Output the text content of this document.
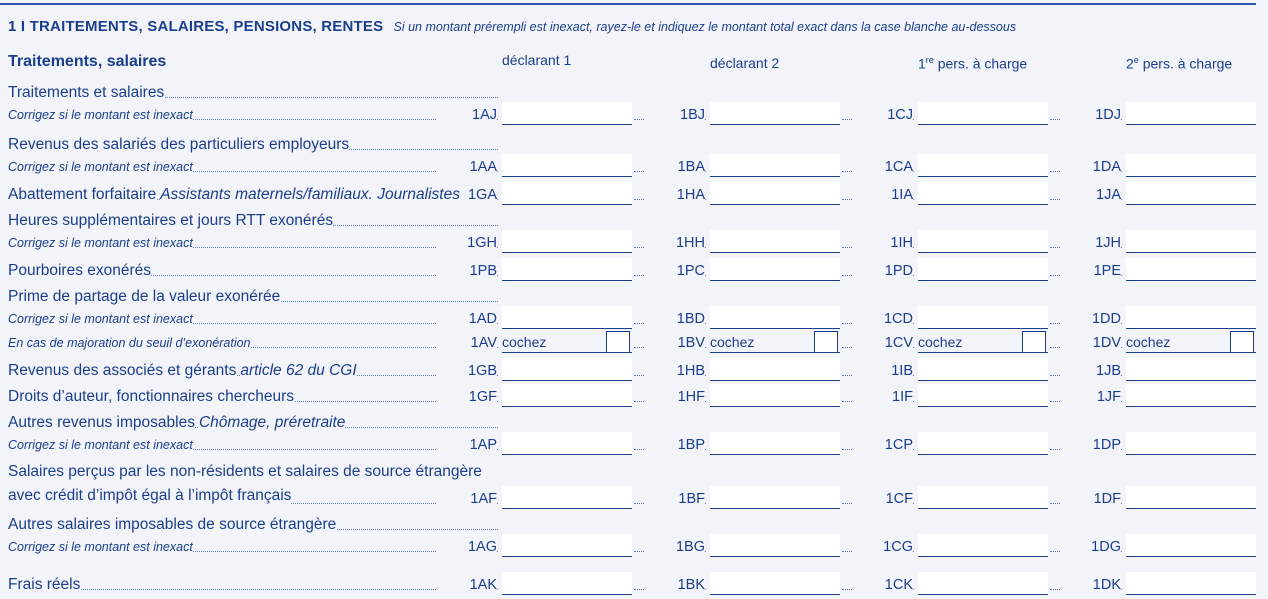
1 I TRAITEMENTS, SALAIRES, PENSIONS, RENTES Si un montant prérempli est inexact, rayez-le et indiquez le montant total exact dans la case blanche au-dessous
Traitements, salaires	déclarant 1	déclarant 2	1re pers. à charge	2e pers. à charge
Traitements et salaires
Corrigez si le montant est inexact	1AJ	1BJ	1CJ	1DJ
Revenus des salariés des particuliers employeurs
Corrigez si le montant est inexact	1AA	1BA	1CA	1DA
Abattement forfaitaire Assistants maternels/familiaux. Journalistes 1GA	1HA	1IA	1JA
Heures supplémentaires et jours RTT exonérés
Corrigez si le montant est inexact	1GH	1HH	1IH	1JH
Pourboires exonérés	1PB	1PC	1PD	1PE
Prime de partage de la valeur exonérée
Corrigez si le montant est inexact	1AD	1BD	1CD	1DD
En cas de majoration du seuil d’exonération	1AV cochez	1BV cochez	1CV cochez	1DV cochez
Revenus des associés et gérants article 62 du CGI	1GB	1HB	1IB	1JB
Droits d’auteur, fonctionnaires chercheurs	1GF	1HF	1IF	1JF
Autres revenus imposables Chômage, préretraite
Corrigez si le montant est inexact	1AP	1BP	1CP	1DP
Salaires perçus par les non-résidents et salaires de source étrangère avec crédit d’impôt égal à l’impôt français	1AF	1BF	1CF	1DF
Autres salaires imposables de source étrangère
Corrigez si le montant est inexact	1AG	1BG	1CG	1DG
Frais réels	1AK	1BK	1CK	1DK
